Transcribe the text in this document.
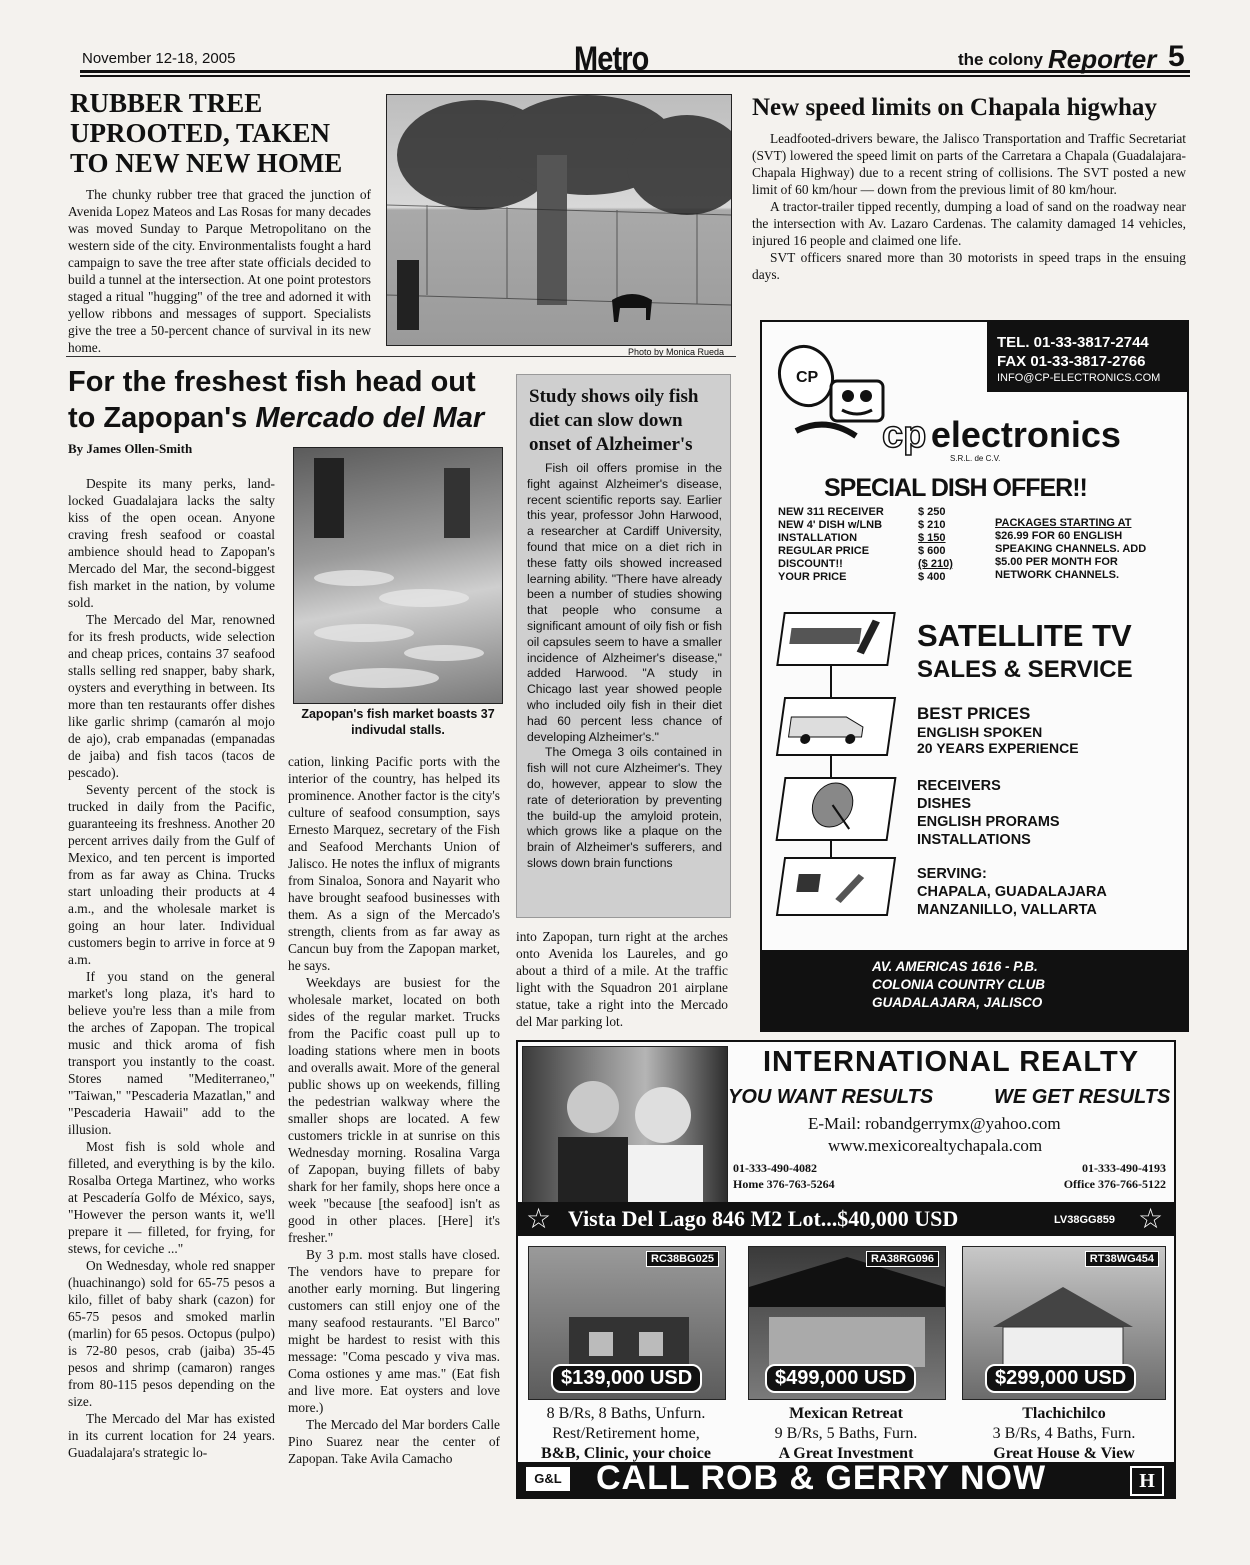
November 12-18, 2005	Metro	the colony Reporter 5
RUBBER TREE UPROOTED, TAKEN TO NEW NEW HOME

The chunky rubber tree that graced the junction of Avenida Lopez Mateos and Las Rosas for many decades was moved Sunday to Parque Metropolitano on the western side of the city. Environmentalists fought a hard campaign to save the tree after state officials decided to build a tunnel at the intersection. At one point protestors staged a ritual "hugging" of the tree and adorned it with yellow ribbons and messages of support. Specialists give the tree a 50-percent chance of survival in its new home.	Photo by Monica Rueda
New speed limits on Chapala higwhay

Leadfooted-drivers beware, the Jalisco Transportation and Traffic Secretariat (SVT) lowered the speed limit on parts of the Carretara a Chapala (Guadalajara-Chapala Highway) due to a recent string of collisions. The SVT posted a new limit of 60 km/hour — down from the previous limit of 80 km/hour.

A tractor-trailer tipped recently, dumping a load of sand on the roadway near the intersection with Av. Lazaro Cardenas. The calamity damaged 14 vehicles, injured 16 people and claimed one life.

SVT officers snared more than 30 motorists in speed traps in the ensuing days.

For the freshest fish head out
to Zapopan's Mercado del Mar
By James Ollen-Smith
Zapopan's fish market boasts 37 indivudal stalls.

Despite its many perks, land-locked Guadalajara lacks the salty kiss of the open ocean. Anyone craving fresh seafood or coastal ambience should head to Zapopan's Mercado del Mar, the second-biggest fish market in the nation, by volume sold.

The Mercado del Mar, renowned for its fresh products, wide selection and cheap prices, contains 37 seafood stalls selling red snapper, baby shark, oysters and everything in between. Its more than ten restaurants offer dishes like garlic shrimp (camarón al mojo de ajo), crab empanadas (empanadas de jaiba) and fish tacos (tacos de pescado).

Seventy percent of the stock is trucked in daily from the Pacific, guaranteeing its freshness. Another 20 percent arrives daily from the Gulf of Mexico, and ten percent is imported from as far away as China. Trucks start unloading their products at 4 a.m., and the wholesale market is going an hour later. Individual customers begin to arrive in force at 9 a.m.

If you stand on the general market's long plaza, it's hard to believe you're less than a mile from the arches of Zapopan. The tropical music and thick aroma of fish transport you instantly to the coast. Stores named "Mediterraneo," "Taiwan," "Pescaderia Mazatlan," and "Pescaderia Hawaii" add to the illusion.

Most fish is sold whole and filleted, and everything is by the kilo. Rosalba Ortega Martinez, who works at Pescadería Golfo de México, says, "However the person wants it, we'll prepare it — filleted, for frying, for stews, for ceviche ..."

On Wednesday, whole red snapper (huachinango) sold for 65-75 pesos a kilo, fillet of baby shark (cazon) for 65-75 pesos and smoked marlin (marlin) for 65 pesos. Octopus (pulpo) is 72-80 pesos, crab (jaiba) 35-45 pesos and shrimp (camaron) ranges from 80-115 pesos depending on the size.

The Mercado del Mar has existed in its current location for 24 years. Guadalajara's strategic lo-

cation, linking Pacific ports with the interior of the country, has helped its prominence. Another factor is the city's culture of seafood consumption, says Ernesto Marquez, secretary of the Fish and Seafood Merchants Union of Jalisco. He notes the influx of migrants from Sinaloa, Sonora and Nayarit who have brought seafood businesses with them. As a sign of the Mercado's strength, clients from as far away as Cancun buy from the Zapopan market, he says.

Weekdays are busiest for the wholesale market, located on both sides of the regular market. Trucks from the Pacific coast pull up to loading stations where men in boots and overalls await. More of the general public shows up on weekends, filling the pedestrian walkway where the smaller shops are located. A few customers trickle in at sunrise on this Wednesday morning. Rosalina Varga of Zapopan, buying fillets of baby shark for her family, shops here once a week "because [the seafood] isn't as good in other places. [Here] it's fresher."

By 3 p.m. most stalls have closed. The vendors have to prepare for another early morning. But lingering customers can still enjoy one of the many seafood restaurants. "El Barco" might be hardest to resist with this message: "Coma pescado y viva mas. Coma ostiones y ame mas." (Eat fish and live more. Eat oysters and love more.)

The Mercado del Mar borders Calle Pino Suarez near the center of Zapopan. Take Avila Camacho

into Zapopan, turn right at the arches onto Avenida los Laureles, and go about a third of a mile. At the traffic light with the Squadron 201 airplane statue, take a right into the Mercado del Mar parking lot.

Study shows oily fish diet can slow down onset of Alzheimer's

Fish oil offers promise in the fight against Alzheimer's disease, recent scientific reports say. Earlier this year, professor John Harwood, a researcher at Cardiff University, found that mice on a diet rich in these fatty oils showed increased learning ability. "There have already been a number of studies showing that people who consume a significant amount of oily fish or fish oil capsules seem to have a smaller incidence of Alzheimer's disease," added Harwood. "A study in Chicago last year showed people who included oily fish in their diet had 60 percent less chance of developing Alzheimer's."

The Omega 3 oils contained in fish will not cure Alzheimer's. They do, however, appear to slow the rate of deterioration by preventing the build-up the amyloid protein, which grows like a plaque on the brain of Alzheimer's sufferers, and slows down brain functions

TEL. 01-33-3817-2744
FAX 01-33-3817-2766
INFO@CP-ELECTRONICS.COM
CP
cp electronics
S.R.L. de C.V.
SPECIAL DISH OFFER!!
NEW 311 RECEIVER	$ 250
NEW 4' DISH w/LNB	$ 210
INSTALLATION	$ 150
REGULAR PRICE	$ 600
DISCOUNT!!	($ 210)
YOUR PRICE	$ 400
PACKAGES STARTING AT
$26.99 FOR 60 ENGLISH
SPEAKING CHANNELS. ADD
$5.00 PER MONTH FOR
NETWORK CHANNELS.
SATELLITE TV
SALES & SERVICE
BEST PRICES
ENGLISH SPOKEN
20 YEARS EXPERIENCE
RECEIVERS
DISHES
ENGLISH PRORAMS
INSTALLATIONS
SERVING:
CHAPALA, GUADALAJARA
MANZANILLO, VALLARTA
AV. AMERICAS 1616 - P.B.
COLONIA COUNTRY CLUB
GUADALAJARA, JALISCO
INTERNATIONAL REALTY
YOU WANT RESULTS	WE GET RESULTS
E-Mail: robandgerrymx@yahoo.com
www.mexicorealtychapala.com
01-333-490-4082
Home 376-763-5264
01-333-490-4193
Office 376-766-5122
☆ Vista Del Lago 846 M2 Lot...$40,000 USD	LV38GG859 ☆
RC38BG025
$139,000 USD
RA38RG096
$499,000 USD
RT38WG454
$299,000 USD
8 B/Rs, 8 Baths, Unfurn.
Rest/Retirement home,
B&B, Clinic, your choice
Mexican Retreat
9 B/Rs, 5 Baths, Furn.
A Great Investment
Tlachichilco
3 B/Rs, 4 Baths, Furn.
Great House & View
G&L CALL ROB & GERRY NOW	H
